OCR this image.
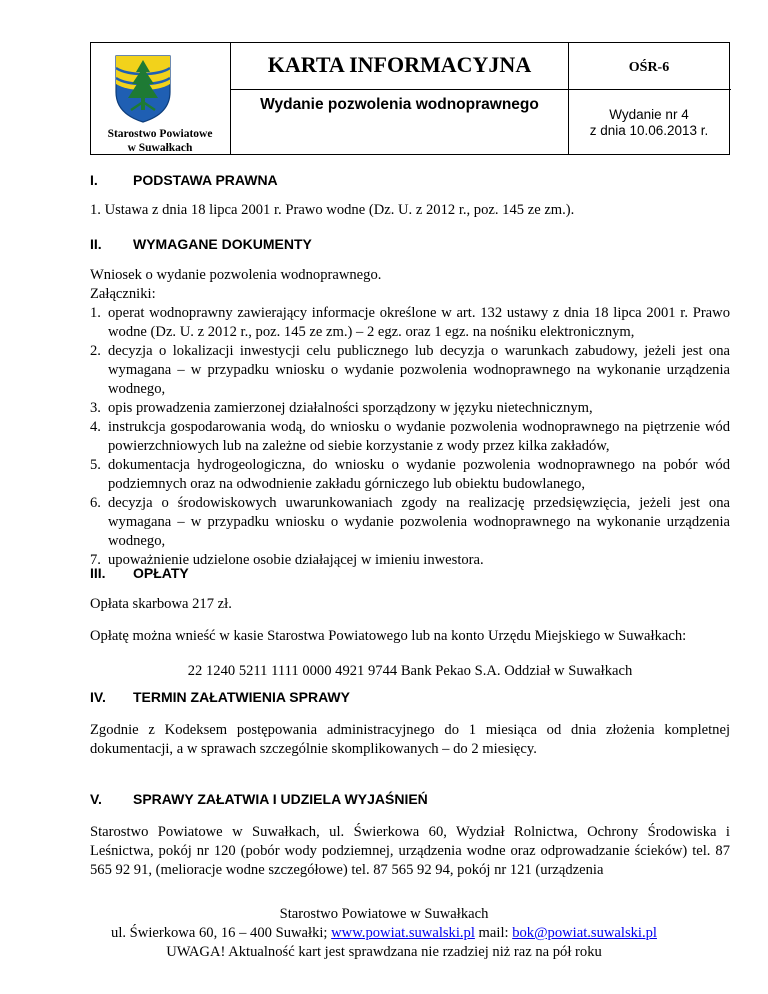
Starostwo Powiatowe
w Suwałkach
KARTA INFORMACYJNA	OŚR-6
Wydanie pozwolenia wodnoprawnego
Wydanie nr 4
z dnia 10.06.2013 r.
I.	PODSTAWA PRAWNA
1. Ustawa z dnia 18 lipca 2001 r. Prawo wodne (Dz. U. z 2012 r., poz. 145 ze zm.).
II. WYMAGANE DOKUMENTY
Wniosek o wydanie pozwolenia wodnoprawnego.
Załączniki:
1. operat wodnoprawny zawierający informacje określone w art. 132 ustawy z dnia 18 lipca 2001 r. Prawo wodne (Dz. U. z 2012 r., poz. 145 ze zm.) – 2 egz. oraz 1 egz. na nośniku elektronicznym,
2. decyzja o lokalizacji inwestycji celu publicznego lub decyzja o warunkach zabudowy, jeżeli jest ona wymagana – w przypadku wniosku o wydanie pozwolenia wodnoprawnego na wykonanie urządzenia wodnego,
3. opis prowadzenia zamierzonej działalności sporządzony w języku nietechnicznym,
4. instrukcja gospodarowania wodą, do wniosku o wydanie pozwolenia wodnoprawnego na piętrzenie wód powierzchniowych lub na zależne od siebie korzystanie z wody przez kilka zakładów,
5. dokumentacja hydrogeologiczna, do wniosku o wydanie pozwolenia wodnoprawnego na pobór wód podziemnych oraz na odwodnienie zakładu górniczego lub obiektu budowlanego,
6. decyzja o środowiskowych uwarunkowaniach zgody na realizację przedsięwzięcia, jeżeli jest ona wymagana – w przypadku wniosku o wydanie pozwolenia wodnoprawnego na wykonanie urządzenia wodnego,
7. upoważnienie udzielone osobie działającej w imieniu inwestora.
III. OPŁATY
Opłata skarbowa 217 zł.
Opłatę można wnieść w kasie Starostwa Powiatowego lub na konto Urzędu Miejskiego w Suwałkach:
22 1240 5211 1111 0000 4921 9744 Bank Pekao S.A. Oddział w Suwałkach
IV. TERMIN ZAŁATWIENIA SPRAWY
Zgodnie z Kodeksem postępowania administracyjnego do 1 miesiąca od dnia złożenia kompletnej dokumentacji, a w sprawach szczególnie skomplikowanych – do 2 miesięcy.
V. SPRAWY ZAŁATWIA I UDZIELA WYJAŚNIEŃ
Starostwo Powiatowe w Suwałkach, ul. Świerkowa 60, Wydział Rolnictwa, Ochrony Środowiska i Leśnictwa, pokój nr 120 (pobór wody podziemnej, urządzenia wodne oraz odprowadzanie ścieków) tel. 87 565 92 91, (melioracje wodne szczegółowe) tel. 87 565 92 94, pokój nr 121 (urządzenia
Starostwo Powiatowe w Suwałkach
ul. Świerkowa 60, 16 – 400 Suwałki; www.powiat.suwalski.pl mail: bok@powiat.suwalski.pl
UWAGA! Aktualność kart jest sprawdzana nie rzadziej niż raz na pół roku
